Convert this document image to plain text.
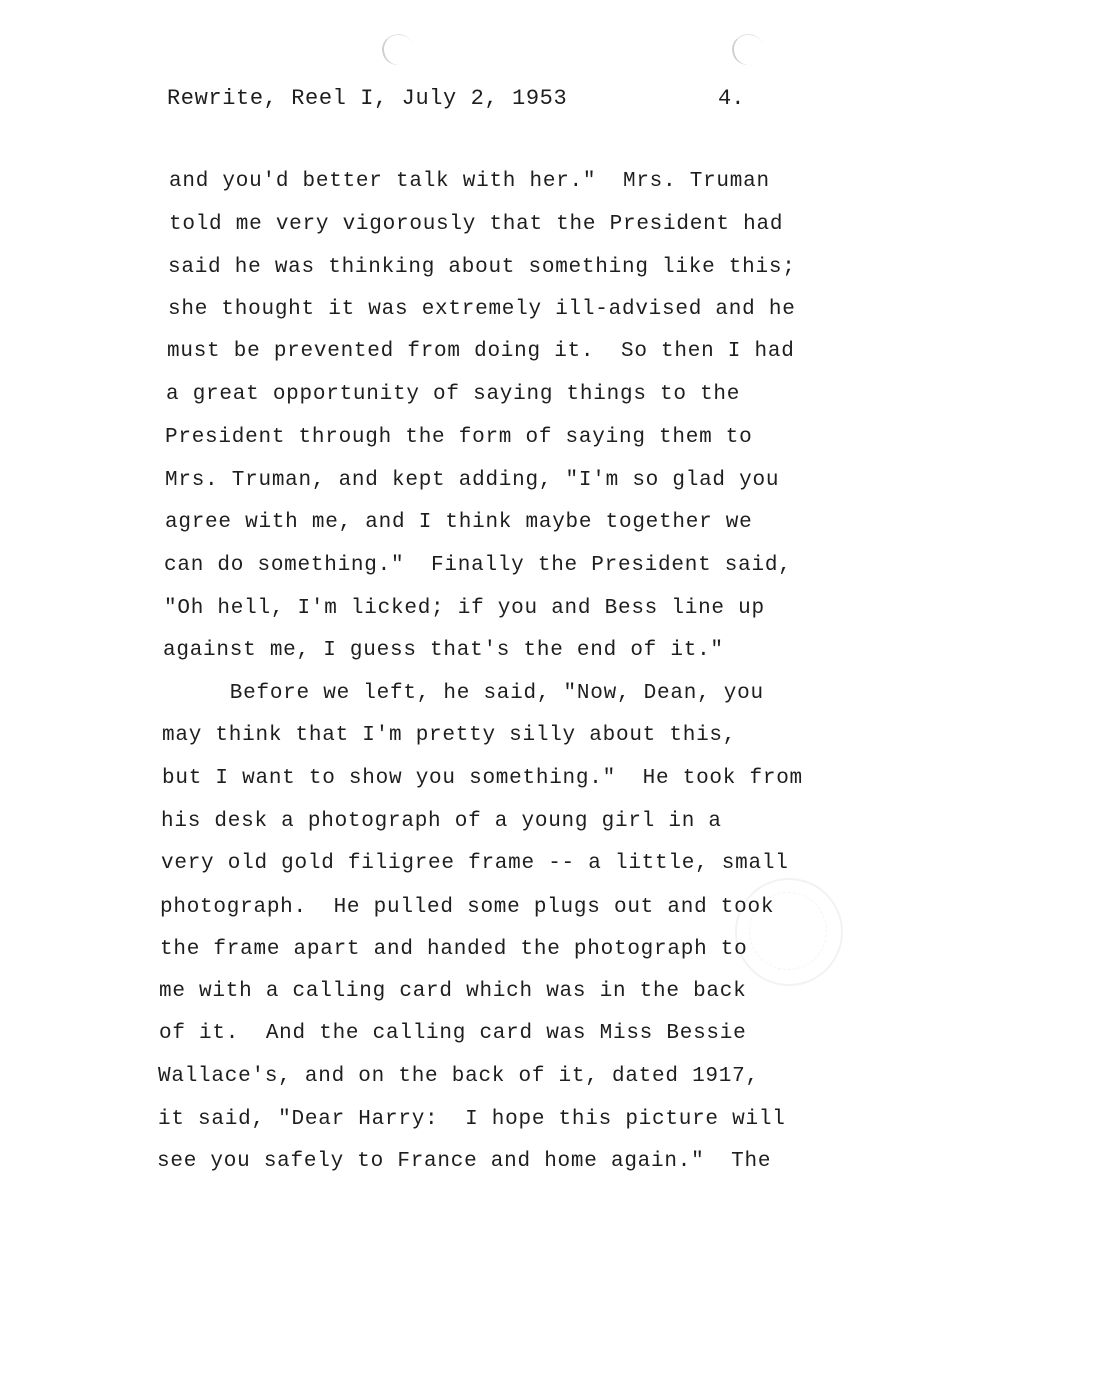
Rewrite, Reel I, July 2, 1953	4.
and you'd better talk with her."  Mrs. Truman
told me very vigorously that the President had
said he was thinking about something like this;
she thought it was extremely ill-advised and he
must be prevented from doing it.  So then I had
a great opportunity of saying things to the
President through the form of saying them to
Mrs. Truman, and kept adding, "I'm so glad you
agree with me, and I think maybe together we
can do something."  Finally the President said,
"Oh hell, I'm licked; if you and Bess line up
against me, I guess that's the end of it."
Before we left, he said, "Now, Dean, you
may think that I'm pretty silly about this,
but I want to show you something."  He took from
his desk a photograph of a young girl in a
very old gold filigree frame -- a little, small
photograph.  He pulled some plugs out and took
the frame apart and handed the photograph to
me with a calling card which was in the back
of it.  And the calling card was Miss Bessie
Wallace's, and on the back of it, dated 1917,
it said, "Dear Harry:  I hope this picture will
see you safely to France and home again."  The
